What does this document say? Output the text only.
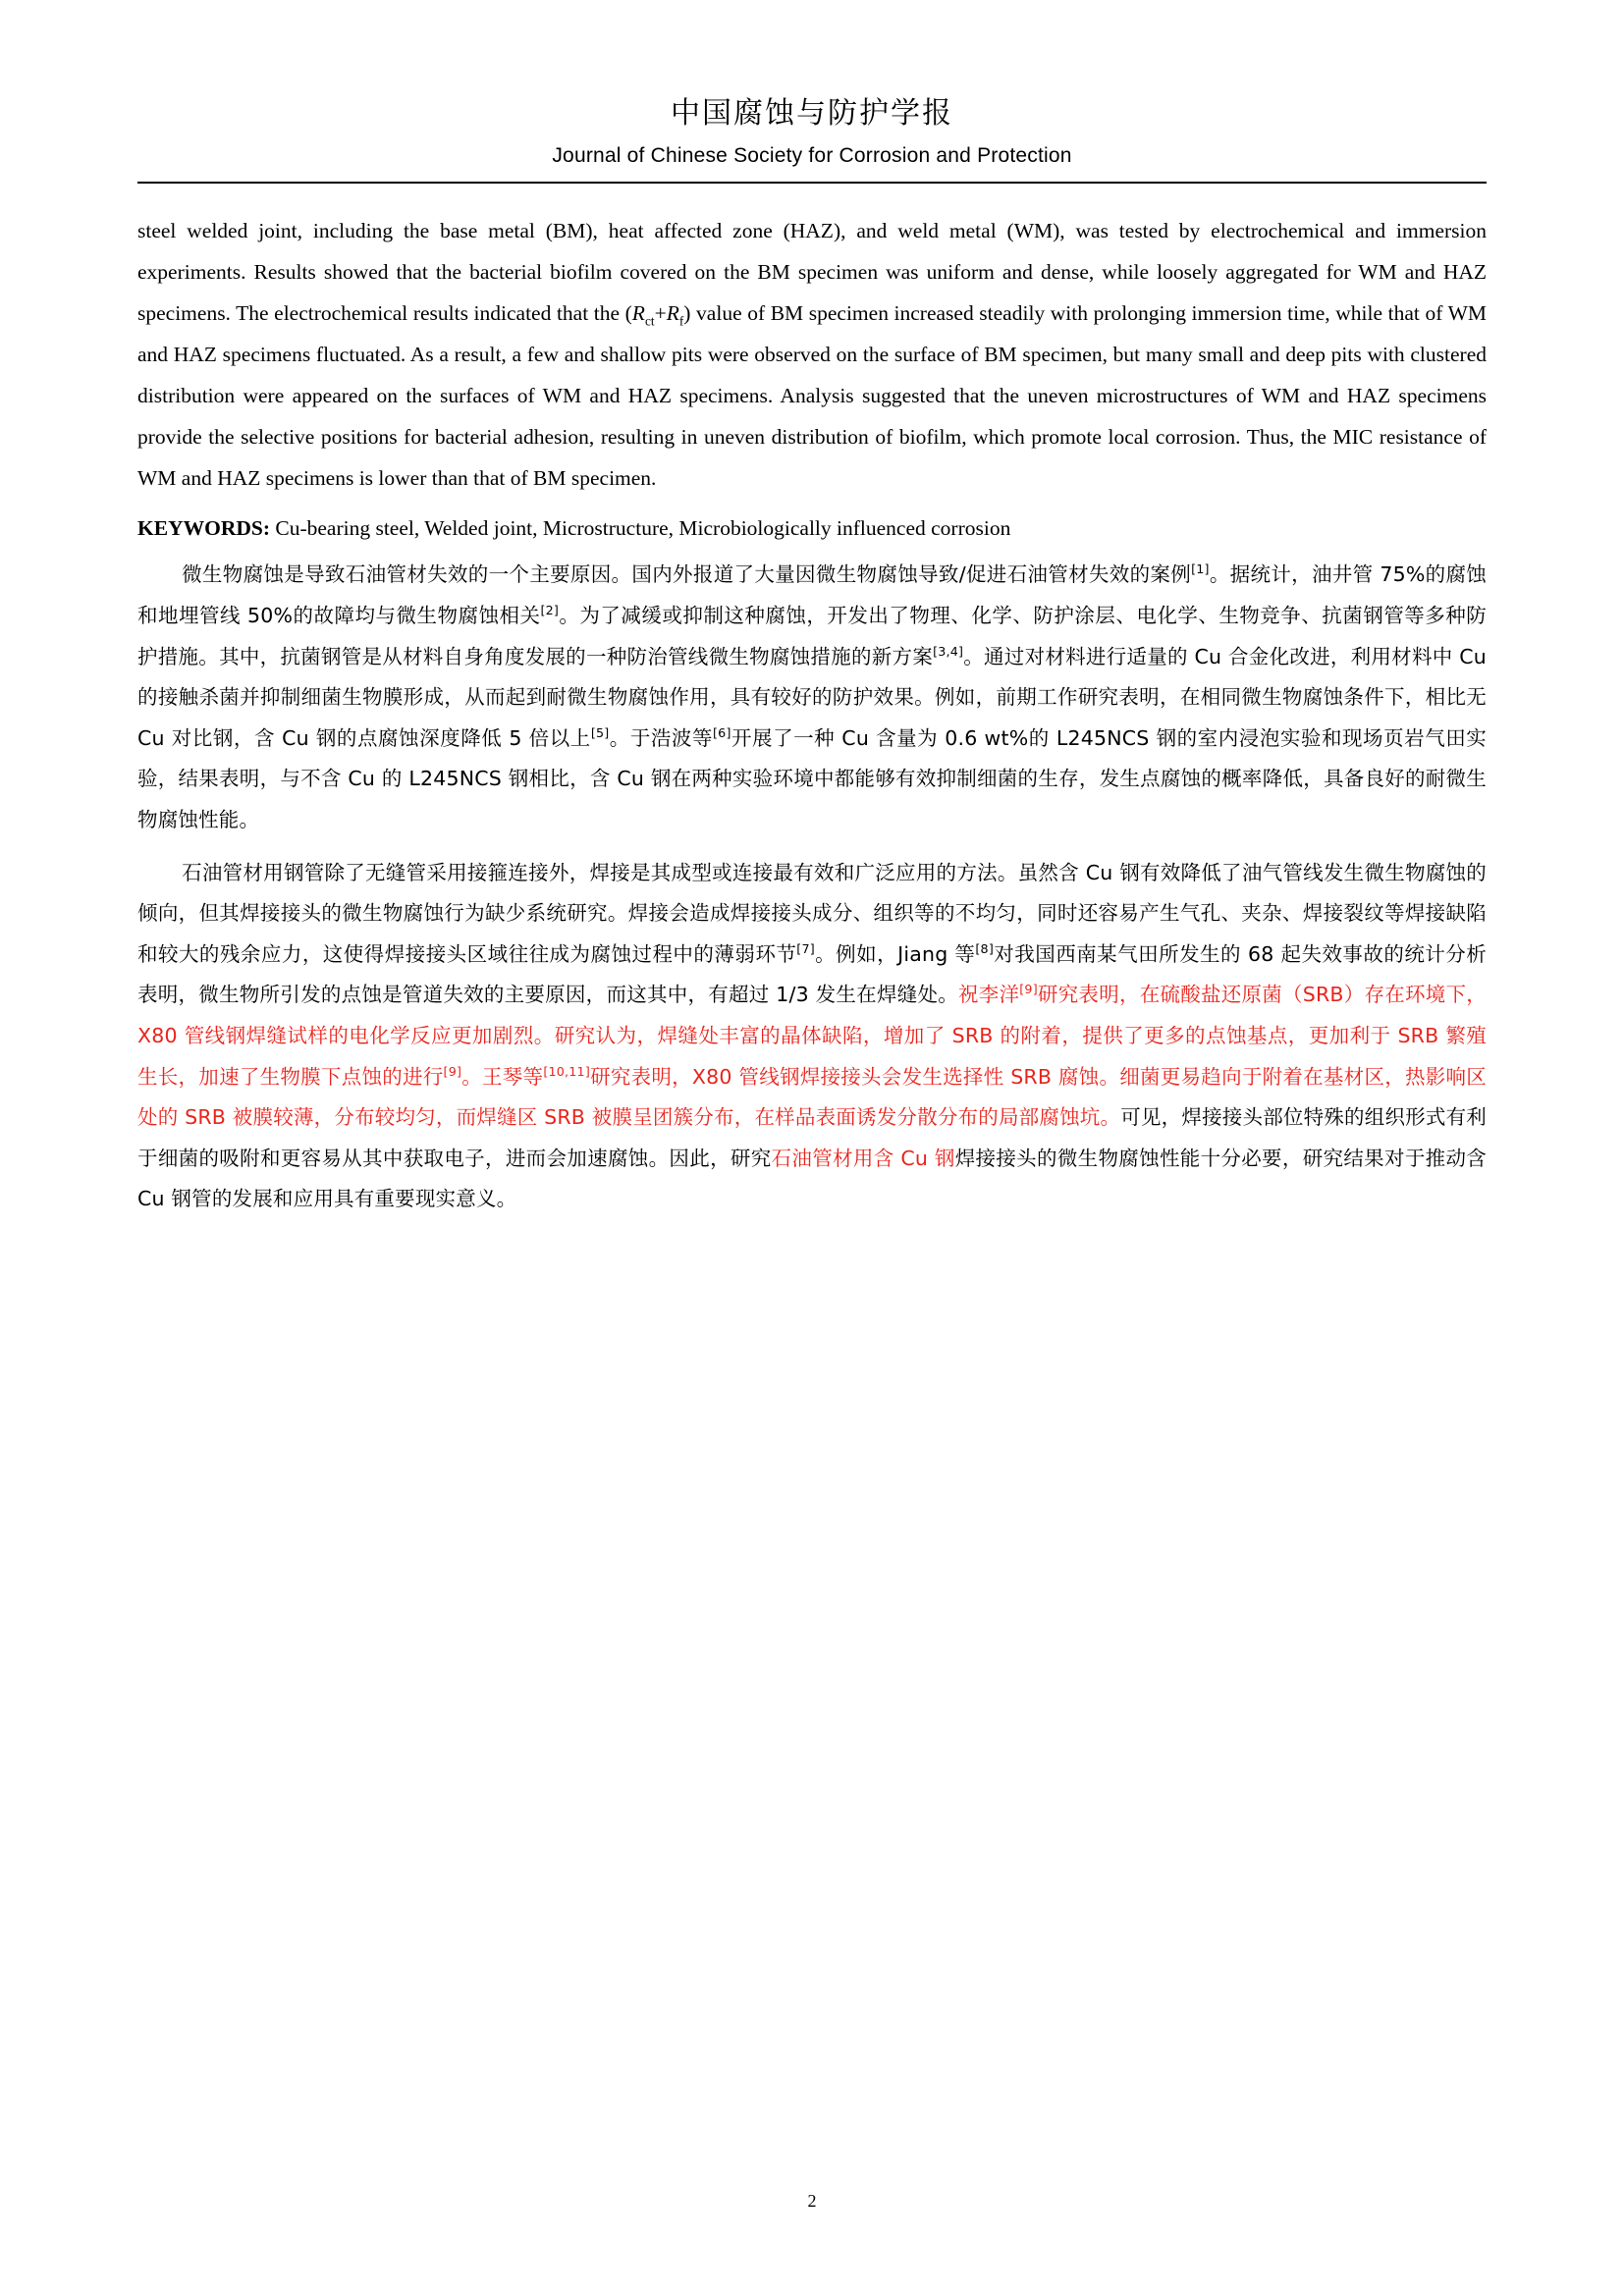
中国腐蚀与防护学报
Journal of Chinese Society for Corrosion and Protection

steel welded joint, including the base metal (BM), heat affected zone (HAZ), and weld metal (WM), was tested by electrochemical and immersion experiments. Results showed that the bacterial biofilm covered on the BM specimen was uniform and dense, while loosely aggregated for WM and HAZ specimens. The electrochemical results indicated that the $(R_{ct}+R_f)$ value of BM specimen increased steadily with prolonging immersion time, while that of WM and HAZ specimens fluctuated. As a result, a few and shallow pits were observed on the surface of BM specimen, but many small and deep pits with clustered distribution were appeared on the surfaces of WM and HAZ specimens. Analysis suggested that the uneven microstructures of WM and HAZ specimens provide the selective positions for bacterial adhesion, resulting in uneven distribution of biofilm, which promote local corrosion. Thus, the MIC resistance of WM and HAZ specimens is lower than that of BM specimen.

KEYWORDS: Cu-bearing steel, Welded joint, Microstructure, Microbiologically influenced corrosion

微生物腐蚀是导致石油管材失效的一个主要原因。国内外报道了大量因微生物腐蚀导致/促进石油管材失效的案例[1]。据统计，油井管 75%的腐蚀和地埋管线 50%的故障均与微生物腐蚀相关[2]。为了减缓或抑制这种腐蚀，开发出了物理、化学、防护涂层、电化学、生物竞争、抗菌钢管等多种防护措施。其中，抗菌钢管是从材料自身角度发展的一种防治管线微生物腐蚀措施的新方案[3,4]。通过对材料进行适量的 Cu 合金化改进，利用材料中 Cu 的接触杀菌并抑制细菌生物膜形成，从而起到耐微生物腐蚀作用，具有较好的防护效果。例如，前期工作研究表明，在相同微生物腐蚀条件下，相比无 Cu 对比钢，含 Cu 钢的点腐蚀深度降低 5 倍以上[5]。于浩波等[6]开展了一种 Cu 含量为 0.6 wt%的 L245NCS 钢的室内浸泡实验和现场页岩气田实验，结果表明，与不含 Cu 的 L245NCS 钢相比，含 Cu 钢在两种实验环境中都能够有效抑制细菌的生存，发生点腐蚀的概率降低，具备良好的耐微生物腐蚀性能。

石油管材用钢管除了无缝管采用接箍连接外，焊接是其成型或连接最有效和广泛应用的方法。虽然含 Cu 钢有效降低了油气管线发生微生物腐蚀的倾向，但其焊接接头的微生物腐蚀行为缺少系统研究。焊接会造成焊接接头成分、组织等的不均匀，同时还容易产生气孔、夹杂、焊接裂纹等焊接缺陷和较大的残余应力，这使得焊接接头区域往往成为腐蚀过程中的薄弱环节[7]。例如，Jiang 等[8]对我国西南某气田所发生的 68 起失效事故的统计分析表明，微生物所引发的点蚀是管道失效的主要原因，而这其中，有超过 1/3 发生在焊缝处。祝李洋[9]研究表明，在硫酸盐还原菌（SRB）存在环境下，X80 管线钢焊缝试样的电化学反应更加剧烈。研究认为，焊缝处丰富的晶体缺陷，增加了 SRB 的附着，提供了更多的点蚀基点，更加利于 SRB 繁殖生长，加速了生物膜下点蚀的进行[9]。王琴等[10,11]研究表明，X80 管线钢焊接接头会发生选择性 SRB 腐蚀。细菌更易趋向于附着在基材区，热影响区处的 SRB 被膜较薄，分布较均匀，而焊缝区 SRB 被膜呈团簇分布，在样品表面诱发分散分布的局部腐蚀坑。可见，焊接接头部位特殊的组织形式有利于细菌的吸附和更容易从其中获取电子，进而会加速腐蚀。因此，研究石油管材用含 Cu 钢焊接接头的微生物腐蚀性能十分必要，研究结果对于推动含 Cu 钢管的发展和应用具有重要现实意义。

2
